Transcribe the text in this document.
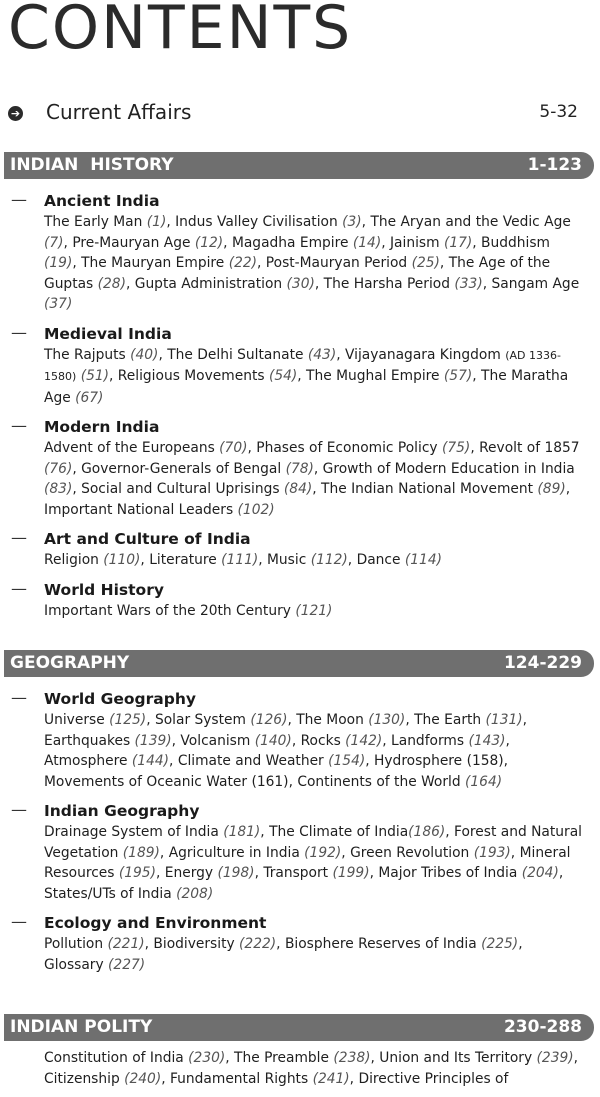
CONTENTS
➔ Current Affairs	5-32
INDIAN  HISTORY	1-123
— Ancient India
The Early Man (1), Indus Valley Civilisation (3), The Aryan and the Vedic Age (7), Pre-Mauryan Age (12), Magadha Empire (14), Jainism (17), Buddhism (19), The Mauryan Empire (22), Post-Mauryan Period (25), The Age of the Guptas (28), Gupta Administration (30), The Harsha Period (33), Sangam Age (37)
— Medieval India
The Rajputs (40), The Delhi Sultanate (43), Vijayanagara Kingdom (AD 1336-1580) (51), Religious Movements (54), The Mughal Empire (57), The Maratha Age (67)
— Modern India
Advent of the Europeans (70), Phases of Economic Policy (75), Revolt of 1857 (76), Governor-Generals of Bengal (78), Growth of Modern Education in India (83), Social and Cultural Uprisings (84), The Indian National Movement (89), Important National Leaders (102)
— Art and Culture of India
Religion (110), Literature (111), Music (112), Dance (114)
— World History
Important Wars of the 20th Century (121)
GEOGRAPHY	124-229
— World Geography
Universe (125), Solar System (126), The Moon (130), The Earth (131), Earthquakes (139), Volcanism (140), Rocks (142), Landforms (143), Atmosphere (144), Climate and Weather (154), Hydrosphere (158), Movements of Oceanic Water (161), Continents of the World (164)
— Indian Geography
Drainage System of India (181), The Climate of India(186), Forest and Natural Vegetation (189), Agriculture in India (192), Green Revolution (193), Mineral Resources (195), Energy (198), Transport (199), Major Tribes of India (204), States/UTs of India (208)
— Ecology and Environment
Pollution (221), Biodiversity (222), Biosphere Reserves of India (225), Glossary (227)
INDIAN POLITY	230-288
Constitution of India (230), The Preamble (238), Union and Its Territory (239), Citizenship (240), Fundamental Rights (241), Directive Principles of
